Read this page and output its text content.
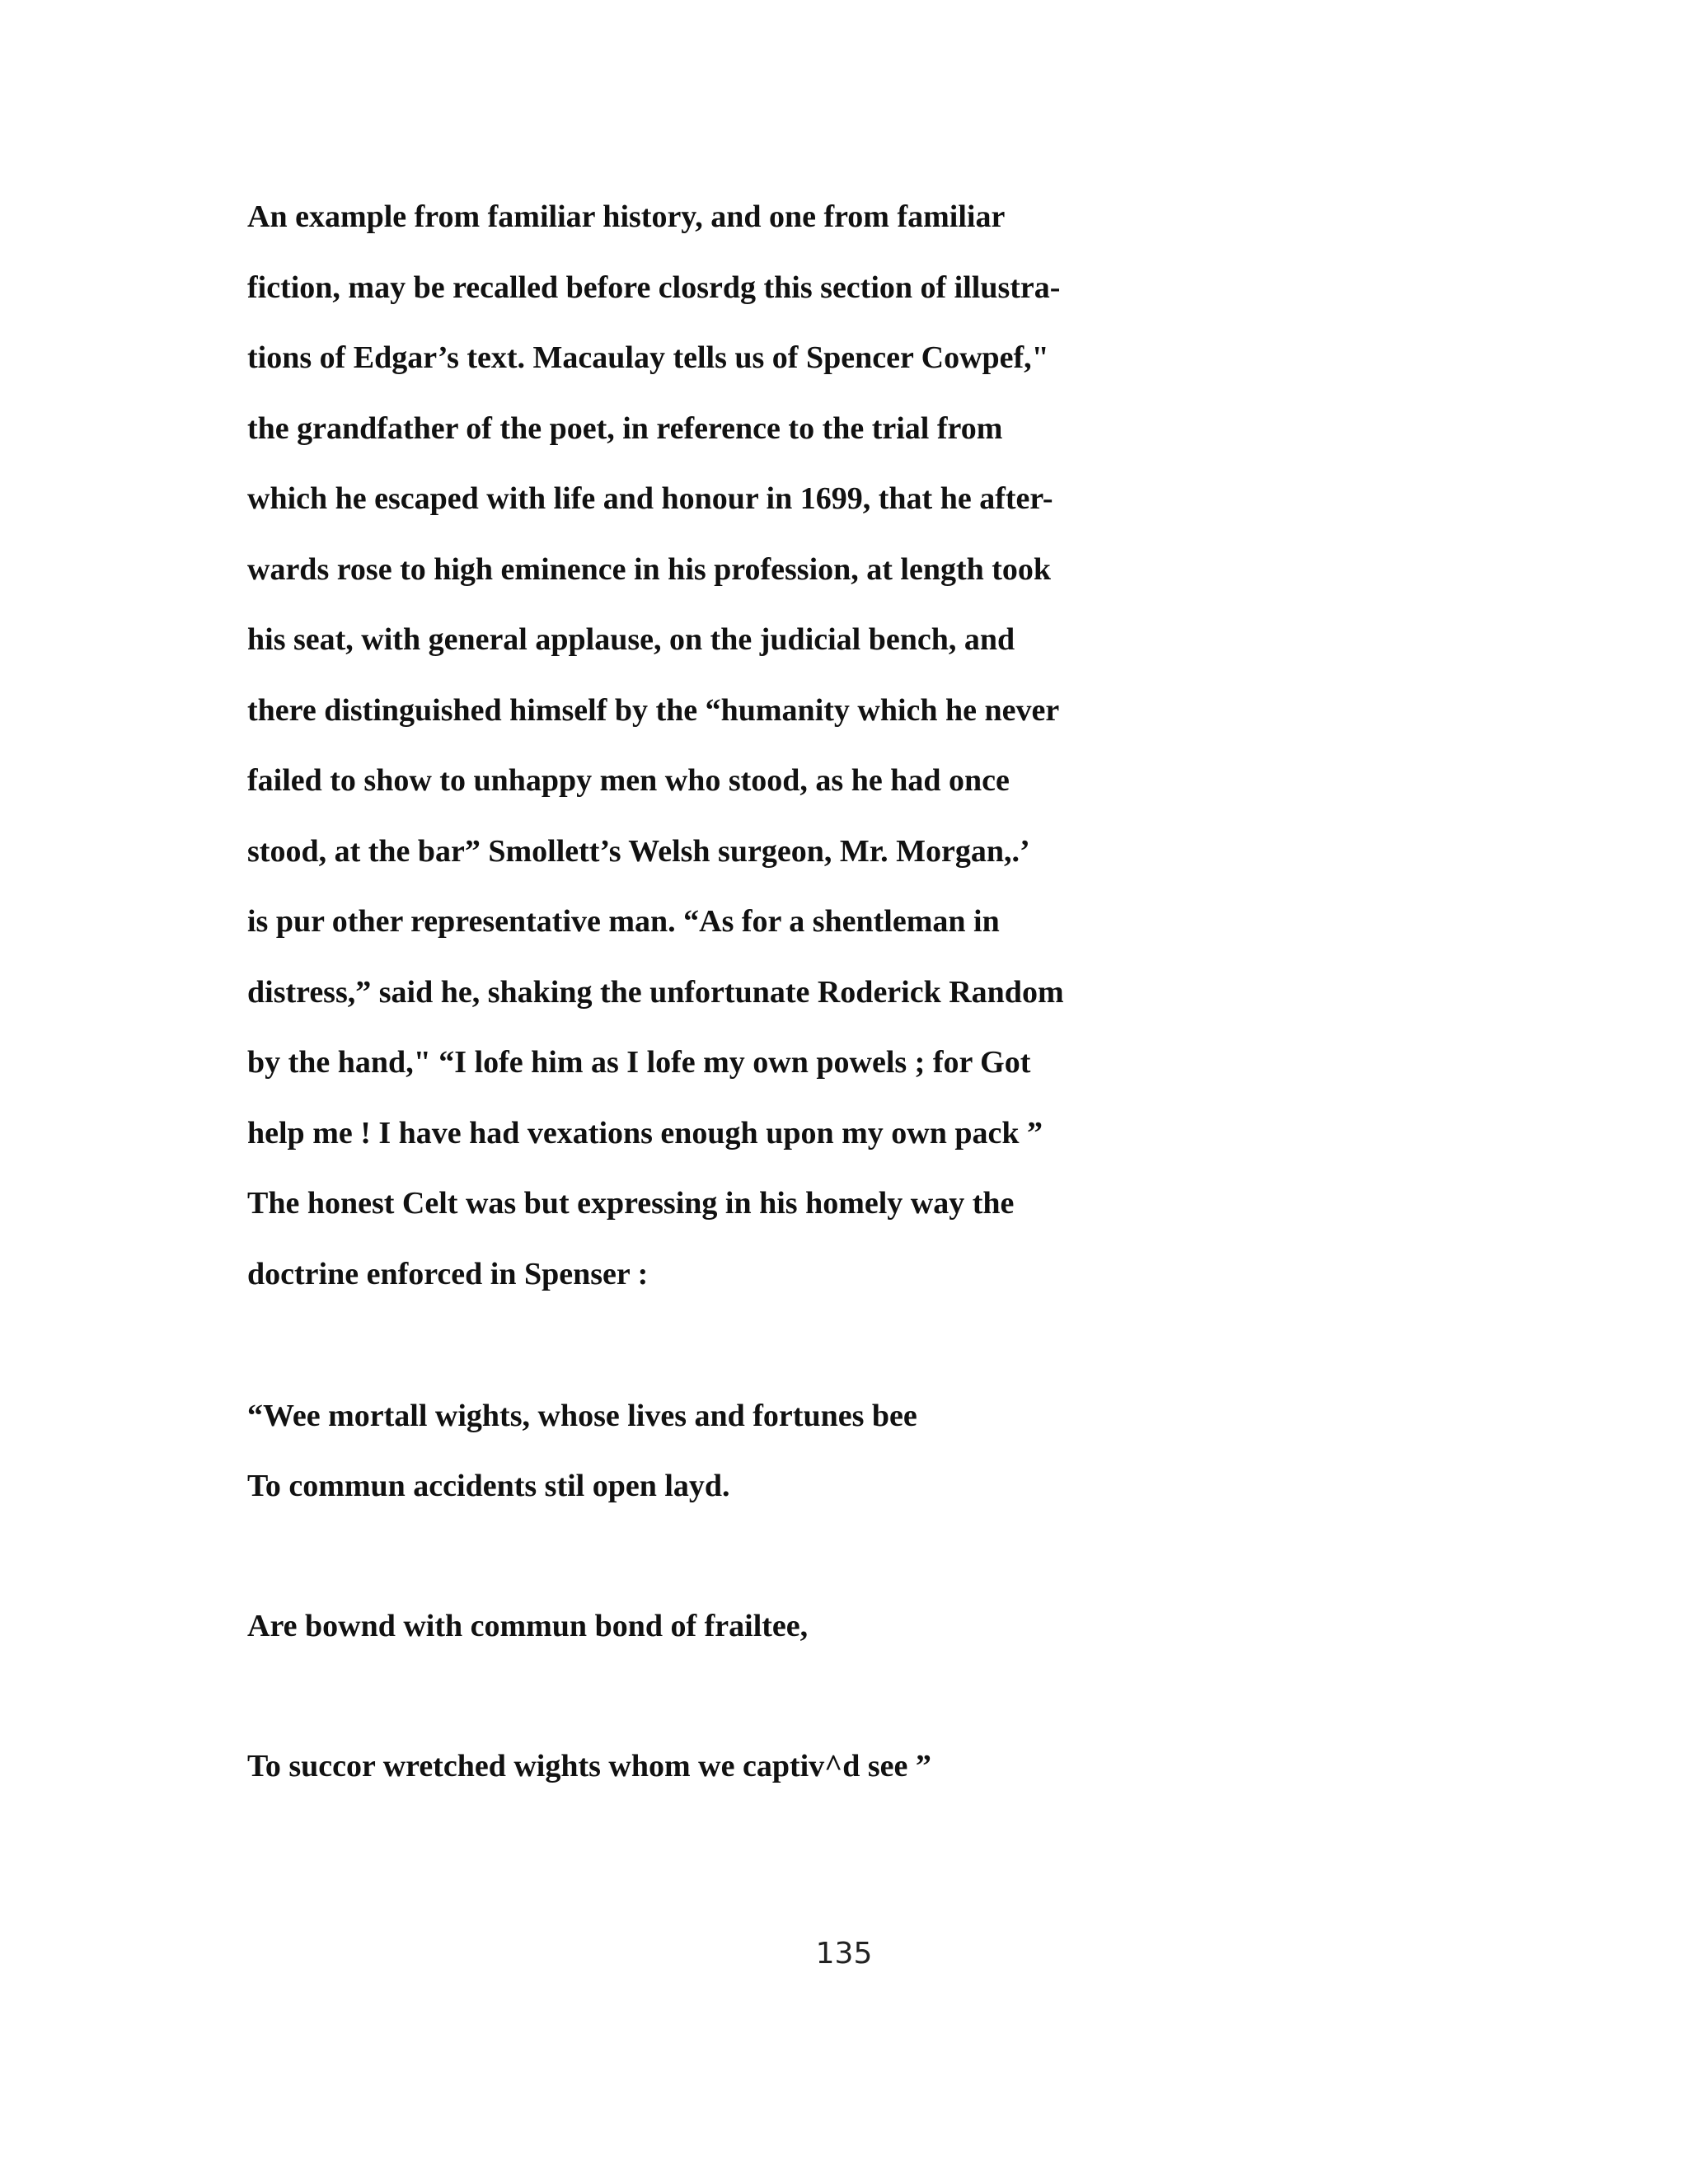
An example from familiar history, and one from familiar
fiction, may be recalled before closrdg this section of illustra-
tions of Edgar’s text. Macaulay tells us of Spencer Cowpef,"
the grandfather of the poet, in reference to the trial from
which he escaped with life and honour in 1699, that he after-
wards rose to high eminence in his profession, at length took
his seat, with general applause, on the judicial bench, and
there distinguished himself by the “humanity which he never
failed to show to unhappy men who stood, as he had once
stood, at the bar” Smollett’s Welsh surgeon, Mr. Morgan,.’
is pur other representative man. “As for a shentleman in
distress,” said he, shaking the unfortunate Roderick Random
by the hand," “I lofe him as I lofe my own powels ; for Got
help me ! I have had vexations enough upon my own pack ”
The honest Celt was but expressing in his homely way the
doctrine enforced in Spenser :
“Wee mortall wights, whose lives and fortunes bee
To commun accidents stil open layd.
Are bownd with commun bond of frailtee,
To succor wretched wights whom we captiv^d see ”
135
